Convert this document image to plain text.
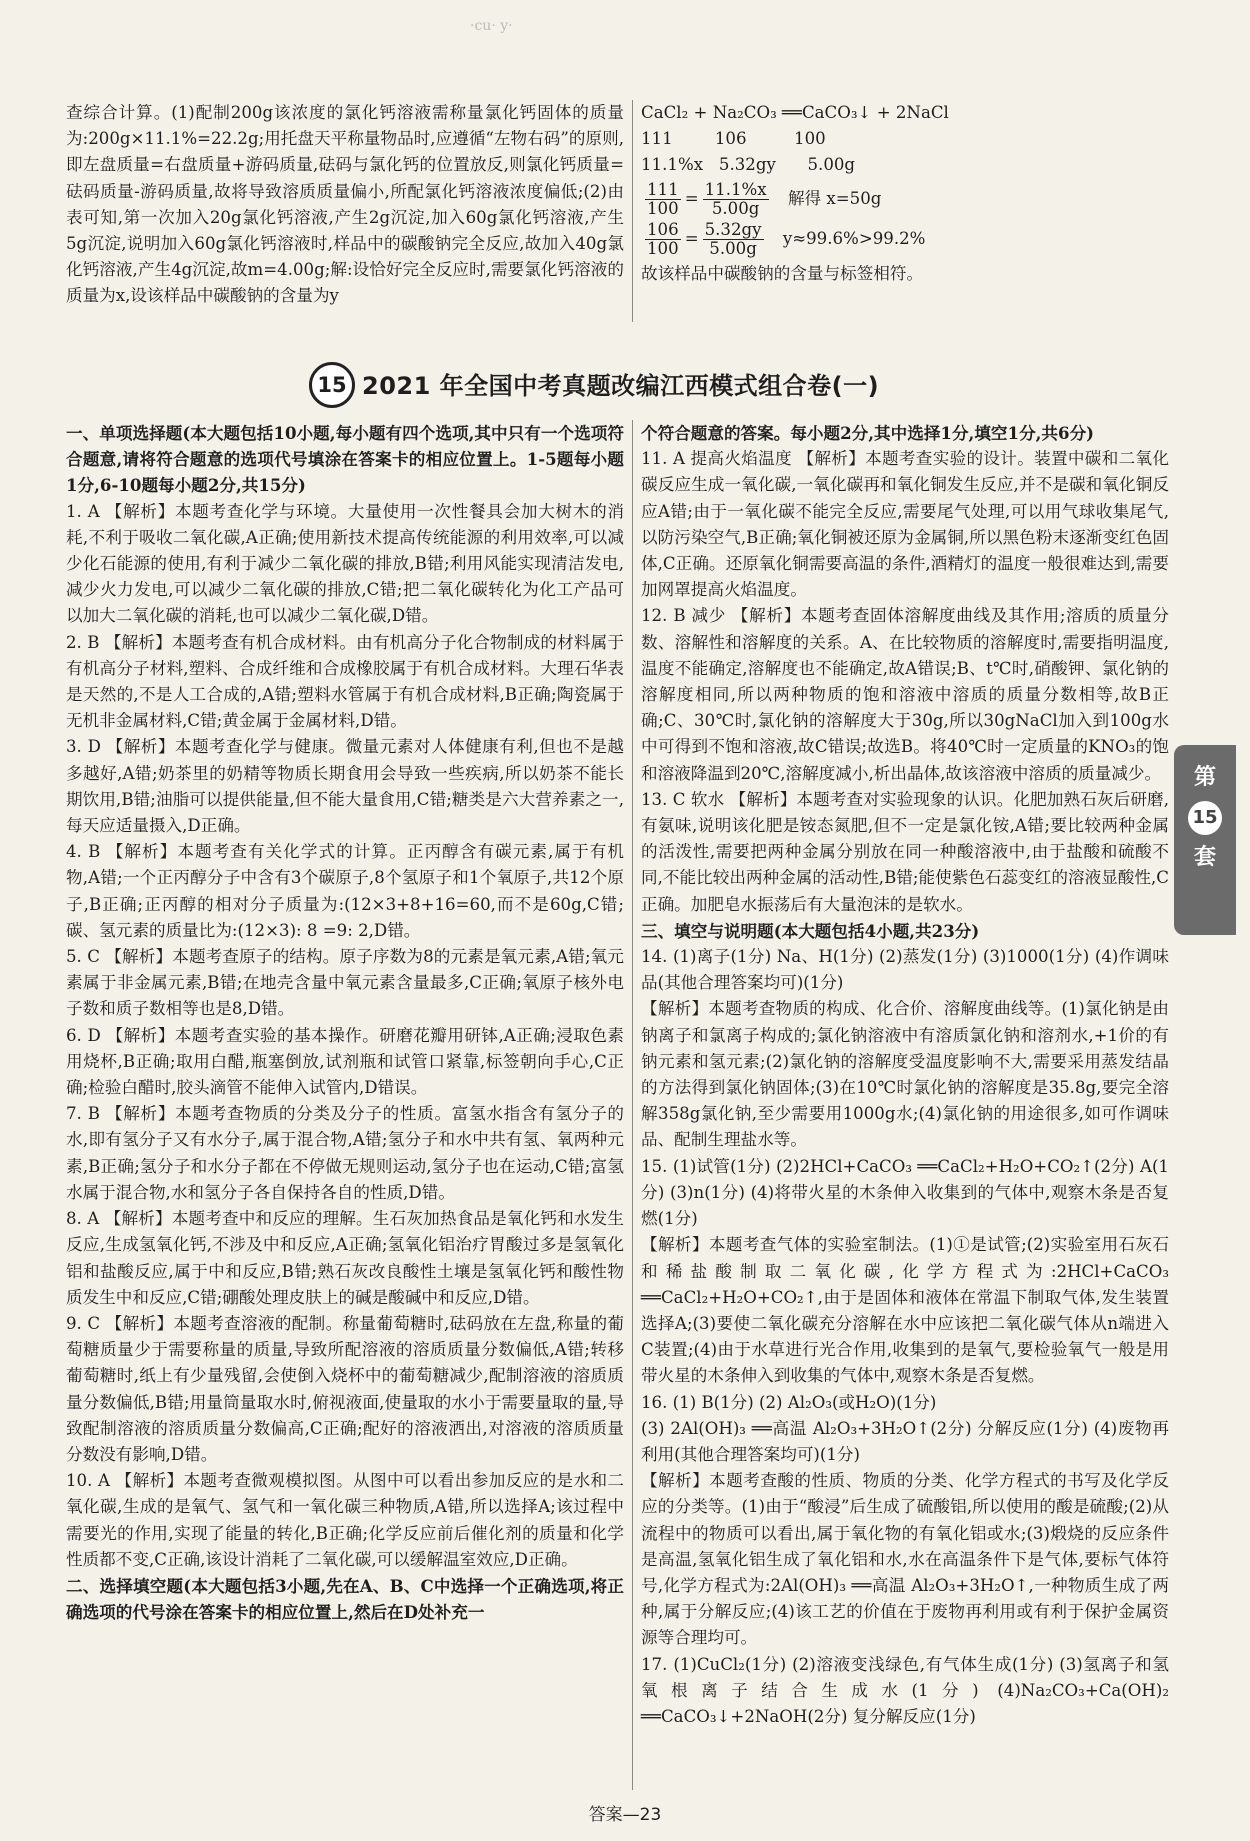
·cu· y·

查综合计算。(1)配制200g该浓度的氯化钙溶液需称量氯化钙固体的质量为:200g×11.1%=22.2g;用托盘天平称量物品时,应遵循“左物右码”的原则,即左盘质量=右盘质量+游码质量,砝码与氯化钙的位置放反,则氯化钙质量=砝码质量-游码质量,故将导致溶质质量偏小,所配氯化钙溶液浓度偏低;(2)由表可知,第一次加入20g氯化钙溶液,产生2g沉淀,加入60g氯化钙溶液,产生5g沉淀,说明加入60g氯化钙溶液时,样品中的碳酸钠完全反应,故加入40g氯化钙溶液,产生4g沉淀,故m=4.00g;解:设恰好完全反应时,需要氯化钙溶液的质量为x,设该样品中碳酸钠的含量为y

CaCl₂ + Na₂CO₃ ══CaCO₃↓ + 2NaCl

111        106         100

11.1%x   5.32gy      5.00g

$\frac{111}{100} = \frac{11.1\%x}{5.00g}$ 解得 x=50g
$\frac{106}{100} = \frac{5.32gy}{5.00g} y\approx 99.6\%>99.2\%$

故该样品中碳酸钠的含量与标签相符。

15 2021 年全国中考真题改编江西模式组合卷(一)

一、单项选择题(本大题包括10小题,每小题有四个选项,其中只有一个选项符合题意,请将符合题意的选项代号填涂在答案卡的相应位置上。1-5题每小题1分,6-10题每小题2分,共15分)

1. A 【解析】本题考查化学与环境。大量使用一次性餐具会加大树木的消耗,不利于吸收二氧化碳,A正确;使用新技术提高传统能源的利用效率,可以减少化石能源的使用,有利于减少二氧化碳的排放,B错;利用风能实现清洁发电,减少火力发电,可以减少二氧化碳的排放,C错;把二氧化碳转化为化工产品可以加大二氧化碳的消耗,也可以减少二氧化碳,D错。

2. B 【解析】本题考查有机合成材料。由有机高分子化合物制成的材料属于有机高分子材料,塑料、合成纤维和合成橡胶属于有机合成材料。大理石华表是天然的,不是人工合成的,A错;塑料水管属于有机合成材料,B正确;陶瓷属于无机非金属材料,C错;黄金属于金属材料,D错。

3. D 【解析】本题考查化学与健康。微量元素对人体健康有利,但也不是越多越好,A错;奶茶里的奶精等物质长期食用会导致一些疾病,所以奶茶不能长期饮用,B错;油脂可以提供能量,但不能大量食用,C错;糖类是六大营养素之一,每天应适量摄入,D正确。

4. B 【解析】本题考查有关化学式的计算。正丙醇含有碳元素,属于有机物,A错;一个正丙醇分子中含有3个碳原子,8个氢原子和1个氧原子,共12个原子,B正确;正丙醇的相对分子质量为:(12×3+8+16=60,而不是60g,C错;碳、氢元素的质量比为:(12×3): 8 =9: 2,D错。

5. C 【解析】本题考查原子的结构。原子序数为8的元素是氧元素,A错;氧元素属于非金属元素,B错;在地壳含量中氧元素含量最多,C正确;氧原子核外电子数和质子数相等也是8,D错。

6. D 【解析】本题考查实验的基本操作。研磨花瓣用研钵,A正确;浸取色素用烧杯,B正确;取用白醋,瓶塞倒放,试剂瓶和试管口紧靠,标签朝向手心,C正确;检验白醋时,胶头滴管不能伸入试管内,D错误。

7. B 【解析】本题考查物质的分类及分子的性质。富氢水指含有氢分子的水,即有氢分子又有水分子,属于混合物,A错;氢分子和水中共有氢、氧两种元素,B正确;氢分子和水分子都在不停做无规则运动,氢分子也在运动,C错;富氢水属于混合物,水和氢分子各自保持各自的性质,D错。

8. A 【解析】本题考查中和反应的理解。生石灰加热食品是氧化钙和水发生反应,生成氢氧化钙,不涉及中和反应,A正确;氢氧化铝治疗胃酸过多是氢氧化铝和盐酸反应,属于中和反应,B错;熟石灰改良酸性土壤是氢氧化钙和酸性物质发生中和反应,C错;硼酸处理皮肤上的碱是酸碱中和反应,D错。

9. C 【解析】本题考查溶液的配制。称量葡萄糖时,砝码放在左盘,称量的葡萄糖质量少于需要称量的质量,导致所配溶液的溶质质量分数偏低,A错;转移葡萄糖时,纸上有少量残留,会使倒入烧杯中的葡萄糖减少,配制溶液的溶质质量分数偏低,B错;用量筒量取水时,俯视液面,使量取的水小于需要量取的量,导致配制溶液的溶质质量分数偏高,C正确;配好的溶液洒出,对溶液的溶质质量分数没有影响,D错。

10. A 【解析】本题考查微观模拟图。从图中可以看出参加反应的是水和二氧化碳,生成的是氧气、氢气和一氧化碳三种物质,A错,所以选择A;该过程中需要光的作用,实现了能量的转化,B正确;化学反应前后催化剂的质量和化学性质都不变,C正确,该设计消耗了二氧化碳,可以缓解温室效应,D正确。

二、选择填空题(本大题包括3小题,先在A、B、C中选择一个正确选项,将正确选项的代号涂在答案卡的相应位置上,然后在D处补充一

个符合题意的答案。每小题2分,其中选择1分,填空1分,共6分)

11. A 提高火焰温度 【解析】本题考查实验的设计。装置中碳和二氧化碳反应生成一氧化碳,一氧化碳再和氧化铜发生反应,并不是碳和氧化铜反应A错;由于一氧化碳不能完全反应,需要尾气处理,可以用气球收集尾气,以防污染空气,B正确;氧化铜被还原为金属铜,所以黑色粉末逐渐变红色固体,C正确。还原氧化铜需要高温的条件,酒精灯的温度一般很难达到,需要加网罩提高火焰温度。

12. B 减少 【解析】本题考查固体溶解度曲线及其作用;溶质的质量分数、溶解性和溶解度的关系。A、在比较物质的溶解度时,需要指明温度,温度不能确定,溶解度也不能确定,故A错误;B、t℃时,硝酸钾、氯化钠的溶解度相同,所以两种物质的饱和溶液中溶质的质量分数相等,故B正确;C、30℃时,氯化钠的溶解度大于30g,所以30gNaCl加入到100g水中可得到不饱和溶液,故C错误;故选B。将40℃时一定质量的KNO₃的饱和溶液降温到20℃,溶解度减小,析出晶体,故该溶液中溶质的质量减少。

13. C 软水 【解析】本题考查对实验现象的认识。化肥加熟石灰后研磨,有氨味,说明该化肥是铵态氮肥,但不一定是氯化铵,A错;要比较两种金属的活泼性,需要把两种金属分别放在同一种酸溶液中,由于盐酸和硫酸不同,不能比较出两种金属的活动性,B错;能使紫色石蕊变红的溶液显酸性,C正确。加肥皂水振荡后有大量泡沫的是软水。

三、填空与说明题(本大题包括4小题,共23分)

14. (1)离子(1分) Na、H(1分) (2)蒸发(1分) (3)1000(1分) (4)作调味品(其他合理答案均可)(1分)

【解析】本题考查物质的构成、化合价、溶解度曲线等。(1)氯化钠是由钠离子和氯离子构成的;氯化钠溶液中有溶质氯化钠和溶剂水,+1价的有钠元素和氢元素;(2)氯化钠的溶解度受温度影响不大,需要采用蒸发结晶的方法得到氯化钠固体;(3)在10℃时氯化钠的溶解度是35.8g,要完全溶解358g氯化钠,至少需要用1000g水;(4)氯化钠的用途很多,如可作调味品、配制生理盐水等。

15. (1)试管(1分) (2)2HCl+CaCO₃ ══CaCl₂+H₂O+CO₂↑(2分) A(1分) (3)n(1分) (4)将带火星的木条伸入收集到的气体中,观察木条是否复燃(1分)

【解析】本题考查气体的实验室制法。(1)①是试管;(2)实验室用石灰石和稀盐酸制取二氧化碳,化学方程式为:2HCl+CaCO₃ ══CaCl₂+H₂O+CO₂↑,由于是固体和液体在常温下制取气体,发生装置选择A;(3)要使二氧化碳充分溶解在水中应该把二氧化碳气体从n端进入C装置;(4)由于水草进行光合作用,收集到的是氧气,要检验氧气一般是用带火星的木条伸入到收集的气体中,观察木条是否复燃。

16. (1) B(1分) (2) Al₂O₃(或H₂O)(1分)

(3) 2Al(OH)₃ ══高温 Al₂O₃+3H₂O↑(2分) 分解反应(1分) (4)废物再利用(其他合理答案均可)(1分)

【解析】本题考查酸的性质、物质的分类、化学方程式的书写及化学反应的分类等。(1)由于“酸浸”后生成了硫酸铝,所以使用的酸是硫酸;(2)从流程中的物质可以看出,属于氧化物的有氧化铝或水;(3)煅烧的反应条件是高温,氢氧化铝生成了氧化铝和水,水在高温条件下是气体,要标气体符号,化学方程式为:2Al(OH)₃ ══高温 Al₂O₃+3H₂O↑,一种物质生成了两种,属于分解反应;(4)该工艺的价值在于废物再利用或有利于保护金属资源等合理均可。

17. (1)CuCl₂(1分) (2)溶液变浅绿色,有气体生成(1分) (3)氢离子和氢氧根离子结合生成水(1分) (4)Na₂CO₃+Ca(OH)₂ ══CaCO₃↓+2NaOH(2分) 复分解反应(1分)

第
15
套
答案—23
